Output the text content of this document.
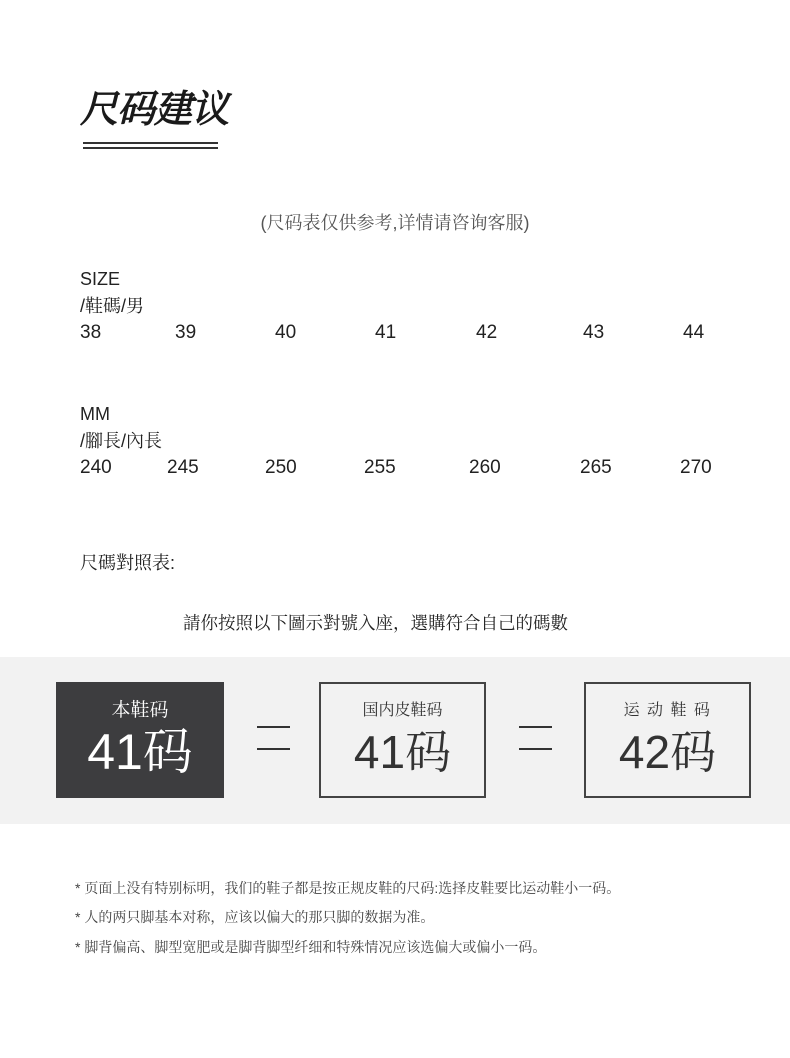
尺码建议
(尺码表仅供参考,详情请咨询客服)
SIZE
/鞋碼/男
38	39	40	41	42	43	44
MM
/腳長/內長
240	245	250	255	260	265	270
尺碼對照表:
請你按照以下圖示對號入座，選購符合自己的碼數
本鞋码
41码
国内皮鞋码
41码
运 动 鞋 码
42码
* 页面上没有特别标明，我们的鞋子都是按正规皮鞋的尺码:选择皮鞋要比运动鞋小一码。
* 人的两只脚基本对称，应该以偏大的那只脚的数据为准。
* 脚背偏高、脚型宽肥或是脚背脚型纤细和特殊情况应该选偏大或偏小一码。
